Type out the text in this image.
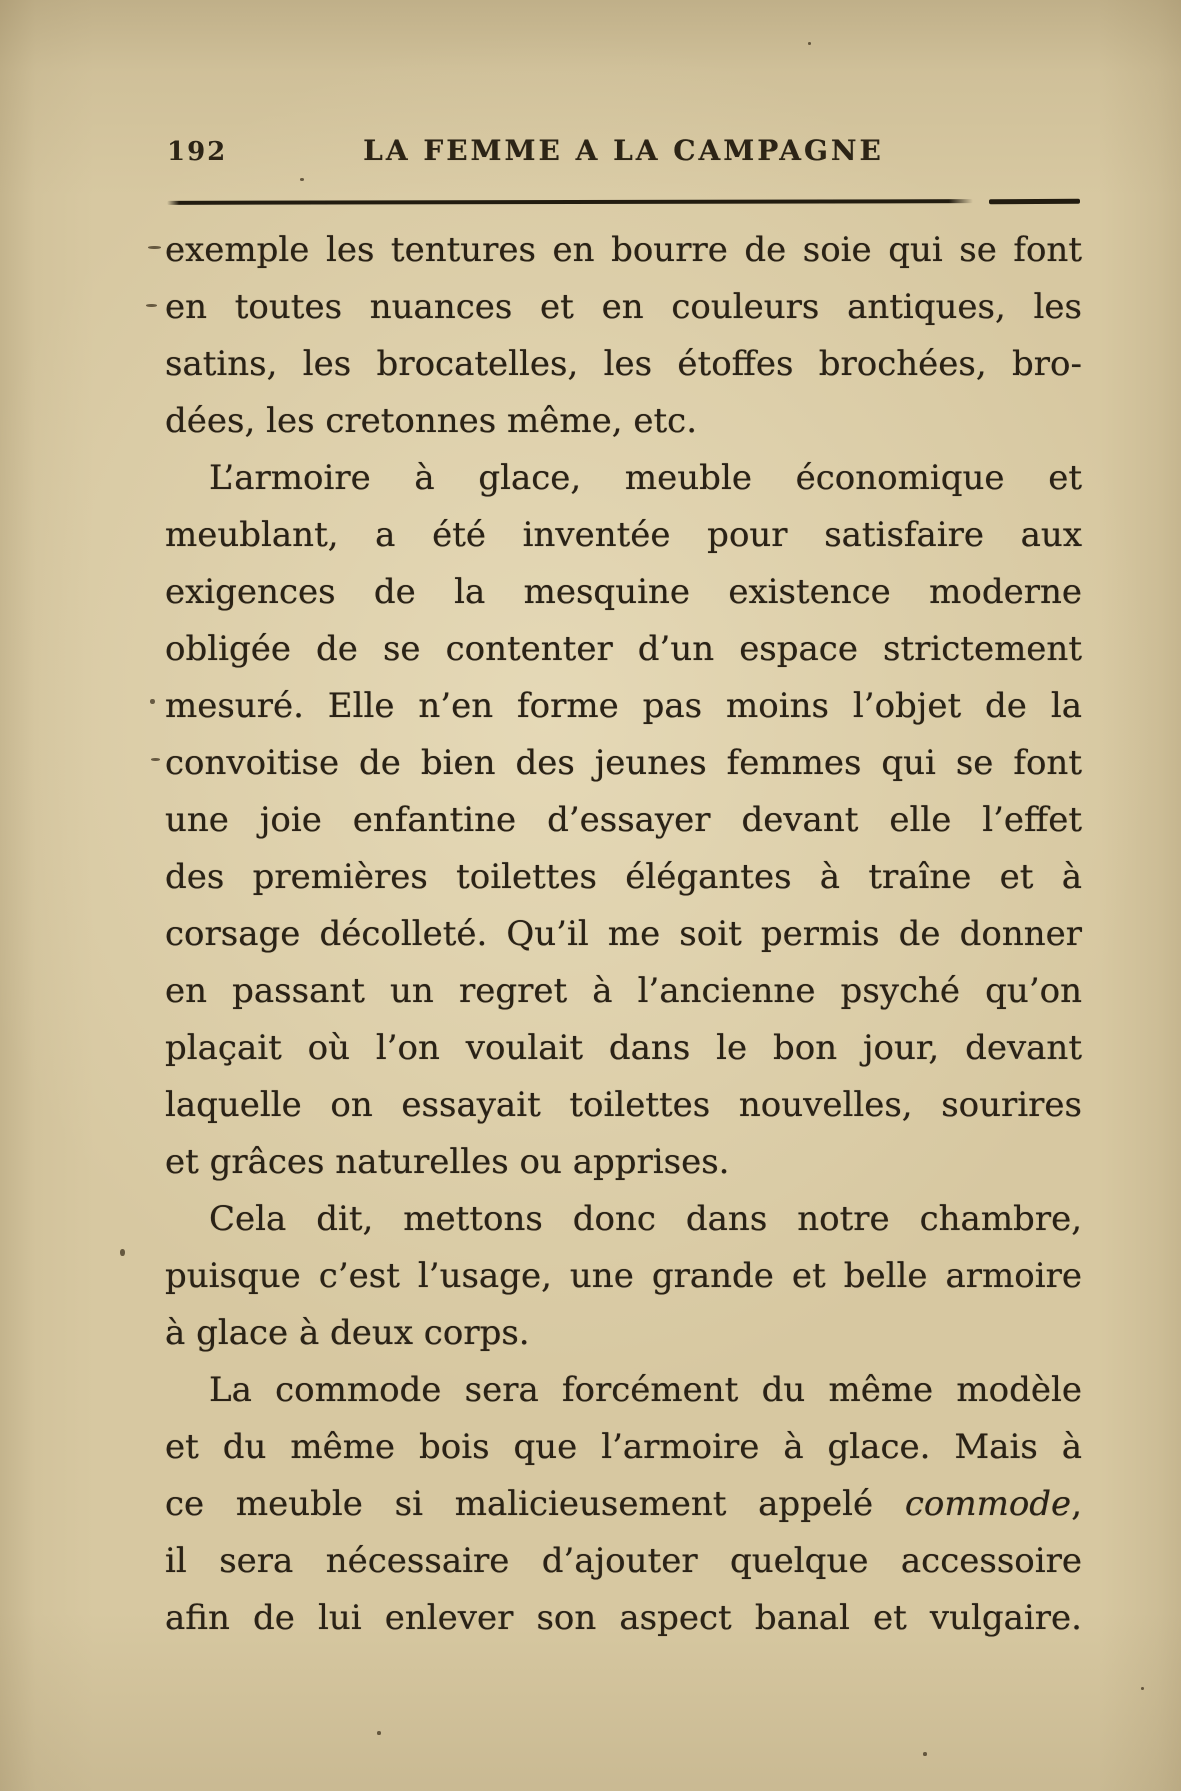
192	LA FEMME A LA CAMPAGNE
exemple les tentures en bourre de soie qui se font
en toutes nuances et en couleurs antiques, les
satins, les brocatelles, les étoffes brochées, bro-
dées, les cretonnes même, etc.
L’armoire à glace, meuble économique et
meublant, a été inventée pour satisfaire aux
exigences de la mesquine existence moderne
obligée de se contenter d’un espace strictement
mesuré. Elle n’en forme pas moins l’objet de la
convoitise de bien des jeunes femmes qui se font
une joie enfantine d’essayer devant elle l’effet
des premières toilettes élégantes à traîne et à
corsage décolleté. Qu’il me soit permis de donner
en passant un regret à l’ancienne psyché qu’on
plaçait où l’on voulait dans le bon jour, devant
laquelle on essayait toilettes nouvelles, sourires
et grâces naturelles ou apprises.
Cela dit, mettons donc dans notre chambre,
puisque c’est l’usage, une grande et belle armoire
à glace à deux corps.
La commode sera forcément du même modèle
et du même bois que l’armoire à glace. Mais à
ce meuble si malicieusement appelé commode,
il sera nécessaire d’ajouter quelque accessoire
afin de lui enlever son aspect banal et vulgaire.
